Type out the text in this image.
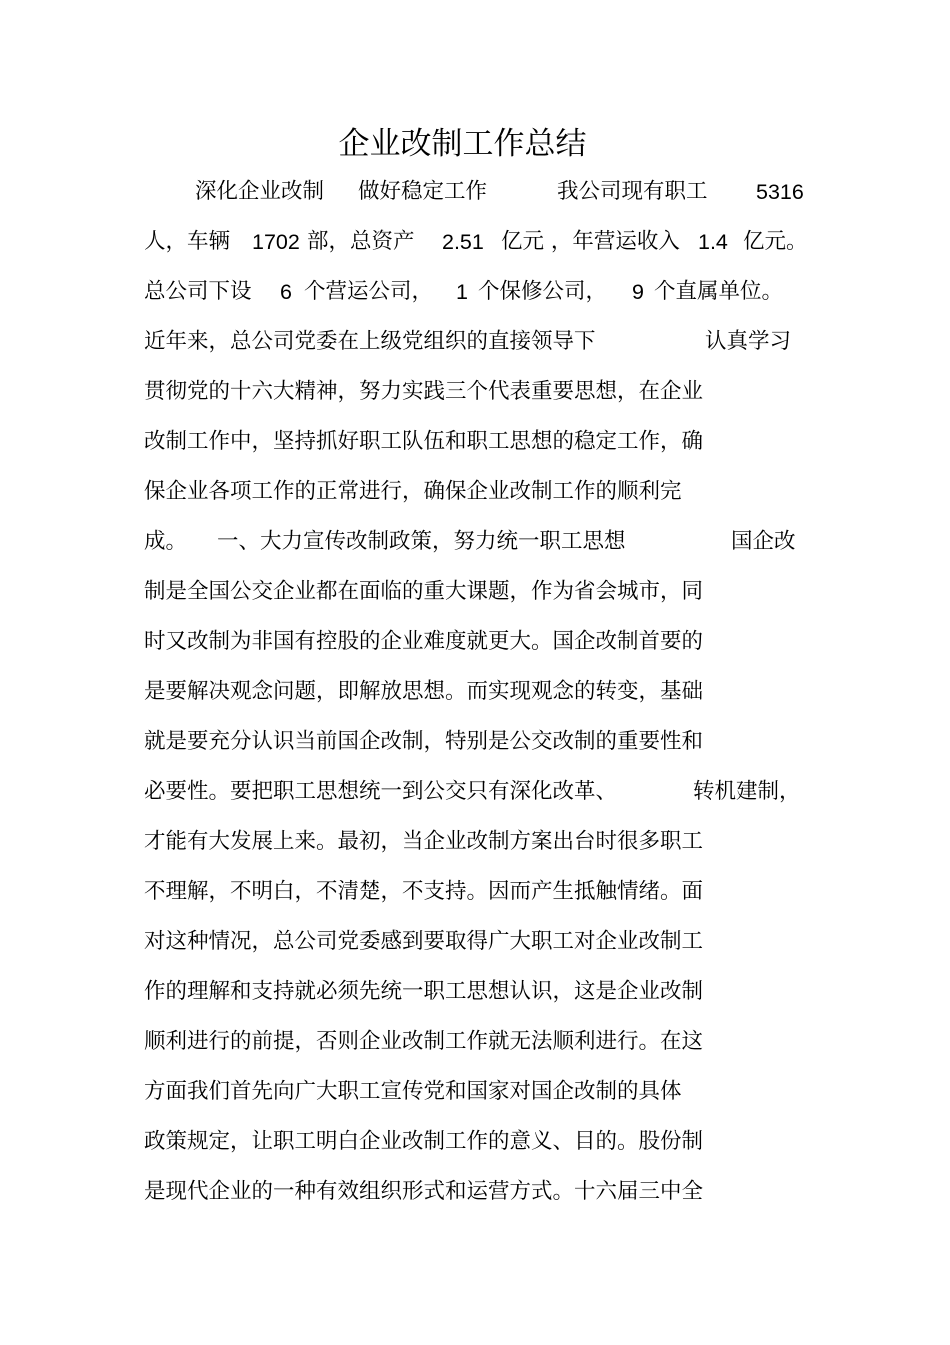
企业改制工作总结
深化企业改制 做好稳定工作	我公司现有职工 5316
人，车辆 1702 部，总资产 2.51 亿元 ，年营运收入 1.4 亿元。
总公司下设 6 个营运公司， 1 个保修公司， 9 个直属单位。
近年来，总公司党委在上级党组织的直接领导下	认真学习
贯彻党的十六大精神，努力实践三个代表重要思想，在企业
改制工作中，坚持抓好职工队伍和职工思想的稳定工作，确
保企业各项工作的正常进行，确保企业改制工作的顺利完
成。 一、大力宣传改制政策，努力统一职工思想	国企改
制是全国公交企业都在面临的重大课题，作为省会城市，同
时又改制为非国有控股的企业难度就更大。国企改制首要的
是要解决观念问题，即解放思想。而实现观念的转变，基础
就是要充分认识当前国企改制，特别是公交改制的重要性和
必要性。要把职工思想统一到公交只有深化改革、	转机建制，
才能有大发展上来。最初，当企业改制方案出台时很多职工
不理解，不明白，不清楚，不支持。因而产生抵触情绪。面
对这种情况，总公司党委感到要取得广大职工对企业改制工
作的理解和支持就必须先统一职工思想认识，这是企业改制
顺利进行的前提，否则企业改制工作就无法顺利进行。在这
方面我们首先向广大职工宣传党和国家对国企改制的具体
政策规定，让职工明白企业改制工作的意义、目的。股份制
是现代企业的一种有效组织形式和运营方式。十六届三中全
